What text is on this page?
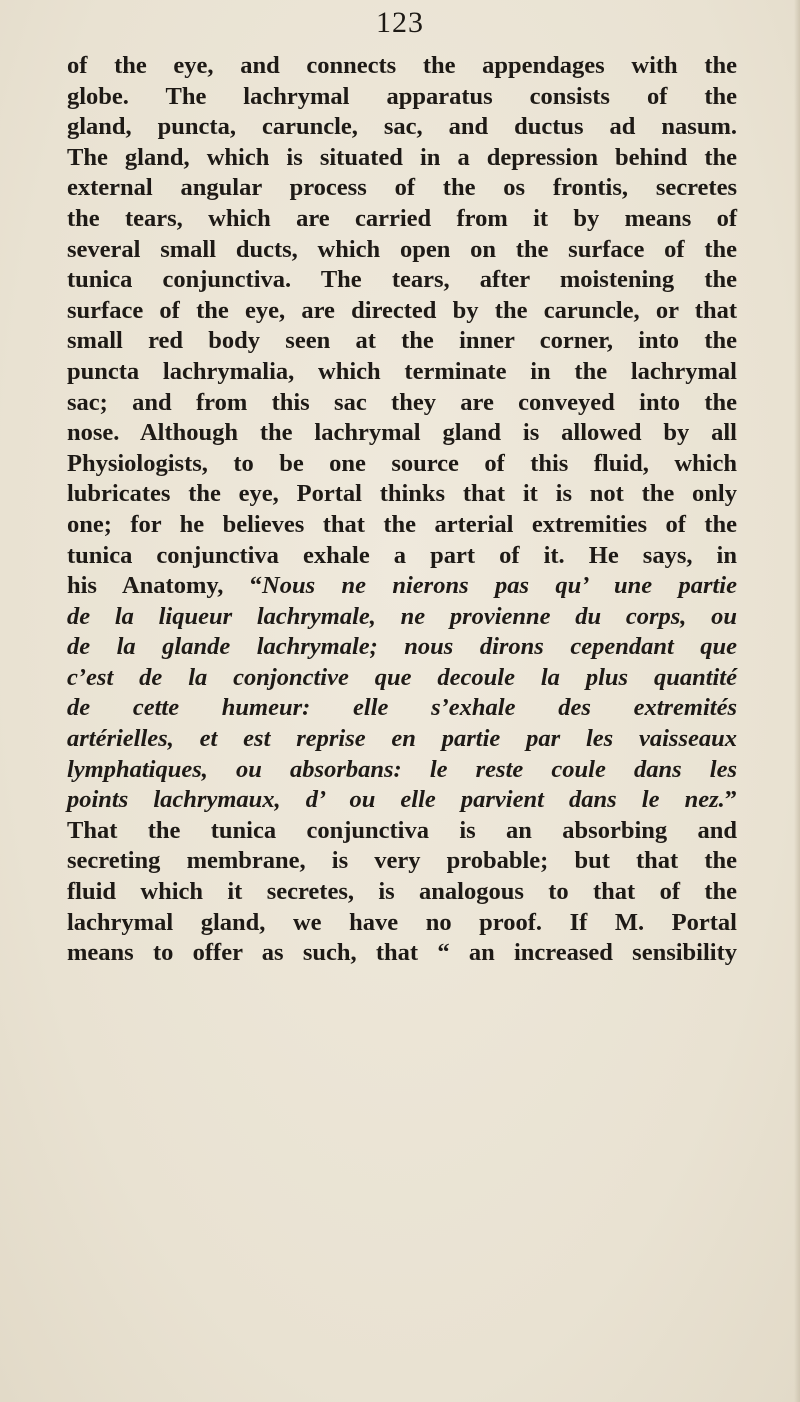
123
of the eye, and connects the appendages with the
globe. The lachrymal apparatus consists of the
gland, puncta, caruncle, sac, and ductus ad nasum.
The gland, which is situated in a depression behind the
external angular process of the os frontis, secretes
the tears, which are carried from it by means of
several small ducts, which open on the surface of the
tunica conjunctiva. The tears, after moistening the
surface of the eye, are directed by the caruncle, or that
small red body seen at the inner corner, into the
puncta lachrymalia, which terminate in the lachrymal
sac; and from this sac they are conveyed into the
nose. Although the lachrymal gland is allowed by all
Physiologists, to be one source of this fluid, which
lubricates the eye, Portal thinks that it is not the only
one; for he believes that the arterial extremities of the
tunica conjunctiva exhale a part of it. He says, in
his Anatomy, “Nous ne nierons pas qu’ une partie
de la liqueur lachrymale, ne provienne du corps, ou
de la glande lachrymale; nous dirons cependant que
c’est de la conjonctive que decoule la plus quantité
de cette humeur: elle s’exhale des extremités
artérielles, et est reprise en partie par les vaisseaux
lymphatiques, ou absorbans: le reste coule dans les
points lachrymaux, d’ ou elle parvient dans le nez.”
That the tunica conjunctiva is an absorbing and
secreting membrane, is very probable; but that the
fluid which it secretes, is analogous to that of the
lachrymal gland, we have no proof. If M. Portal
means to offer as such, that “ an increased sensibility
